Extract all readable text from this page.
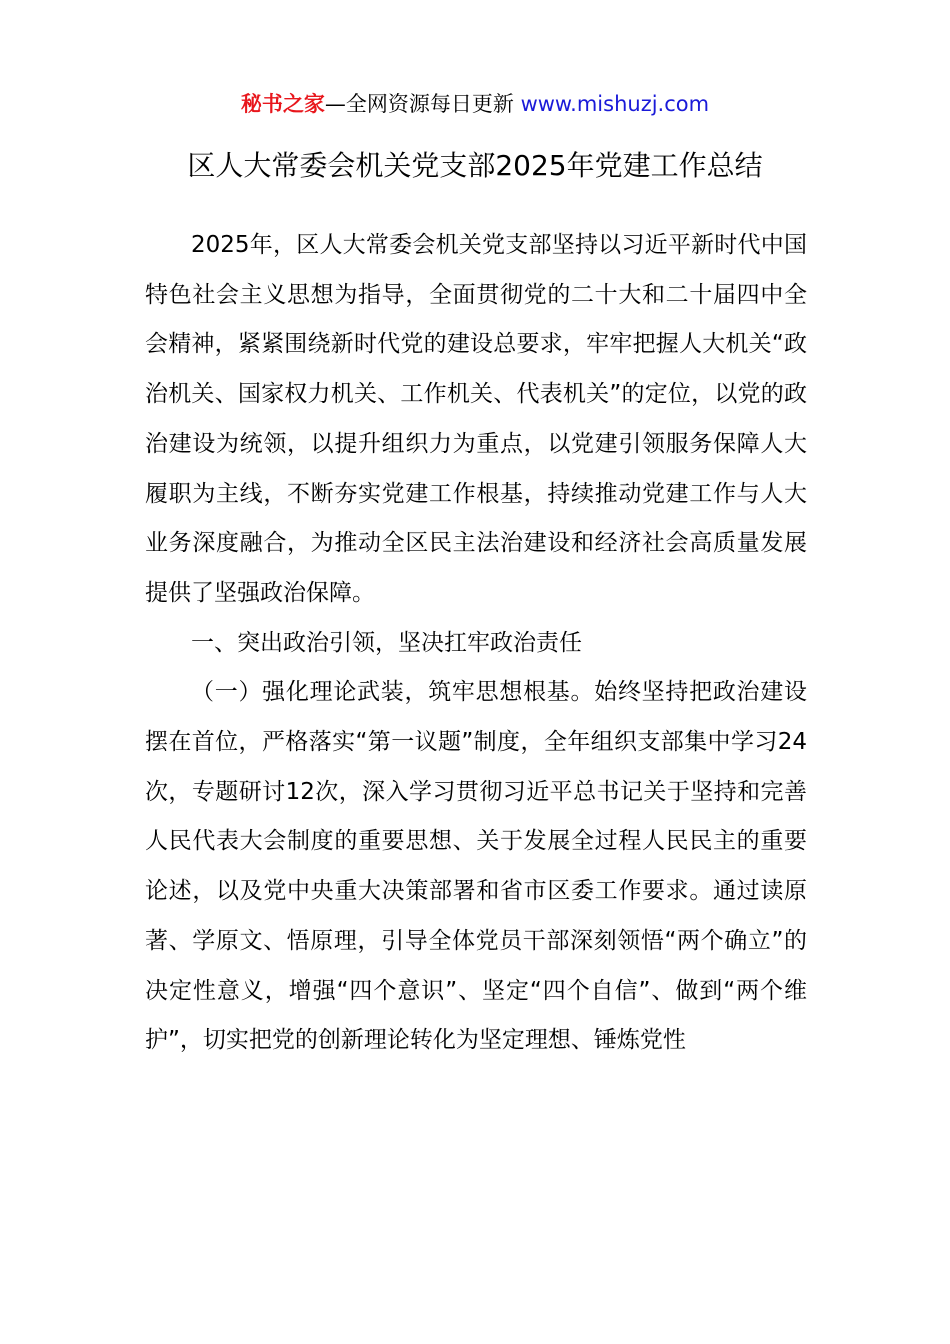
秘书之家—全网资源每日更新 www.mishuzj.com
区人大常委会机关党支部2025年党建工作总结

2025年，区人大常委会机关党支部坚持以习近平新时代中国特色社会主义思想为指导，全面贯彻党的二十大和二十届四中全会精神，紧紧围绕新时代党的建设总要求，牢牢把握人大机关“政治机关、国家权力机关、工作机关、代表机关”的定位，以党的政治建设为统领，以提升组织力为重点，以党建引领服务保障人大履职为主线，不断夯实党建工作根基，持续推动党建工作与人大业务深度融合，为推动全区民主法治建设和经济社会高质量发展提供了坚强政治保障。

一、突出政治引领，坚决扛牢政治责任

（一）强化理论武装，筑牢思想根基。始终坚持把政治建设摆在首位，严格落实“第一议题”制度，全年组织支部集中学习24次，专题研讨12次，深入学习贯彻习近平总书记关于坚持和完善人民代表大会制度的重要思想、关于发展全过程人民民主的重要论述，以及党中央重大决策部署和省市区委工作要求。通过读原著、学原文、悟原理，引导全体党员干部深刻领悟“两个确立”的决定性意义，增强“四个意识”、坚定“四个自信”、做到“两个维护”，切实把党的创新理论转化为坚定理想、锤炼党性
